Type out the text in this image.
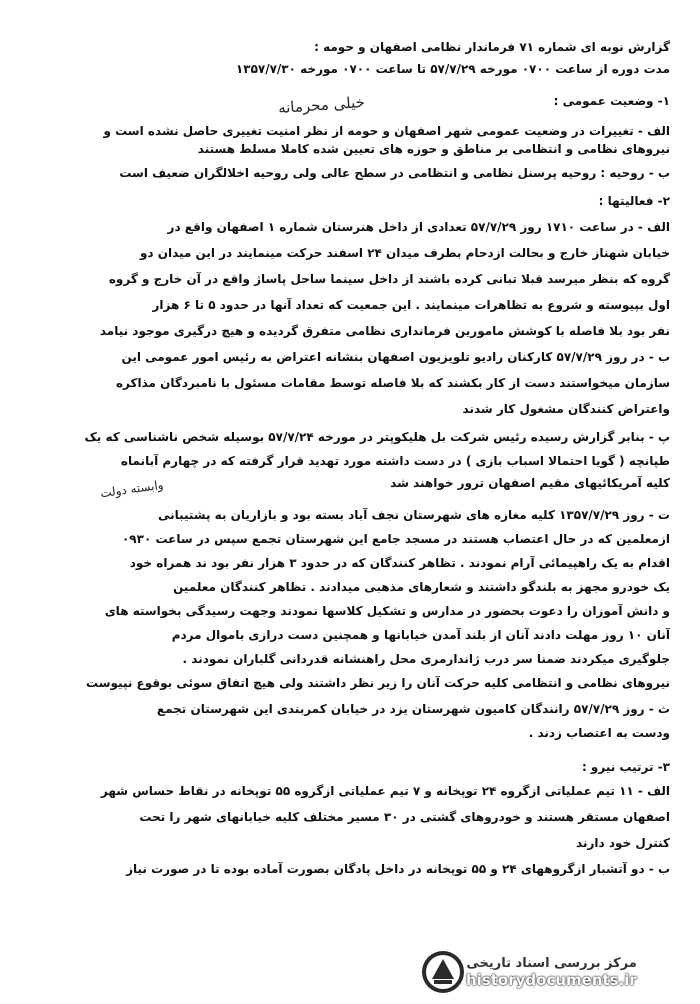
گزارش نوبه ای شماره ۷۱ فرماندار نظامی اصفهان و حومه :

مدت دوره از ساعت ۰۷۰۰ مورخه ۵۷/۷/۲۹ تا ساعت ۰۷۰۰ مورخه ۱۳۵۷/۷/۳۰

۱- وضعیت عمومی :

الف - تغییرات در وضعیت عمومی شهر اصفهان و حومه از نظر امنیت تغییری حاصل نشده است و

نیروهای نظامی و انتظامی بر مناطق و حوزه های تعیین شده کاملا مسلط هستند

ب - روحیه : روحیه پرسنل نظامی و انتظامی در سطح عالی ولی روحیه اخلالگران ضعیف است

۲- فعالیتها :

الف - در ساعت ۱۷۱۰ روز ۵۷/۷/۲۹ تعدادی از داخل هنرستان شماره ۱ اصفهان واقع در

خیابان شهناز خارج و بحالت ازدحام بطرف میدان ۲۴ اسفند حرکت مینمایند در این میدان دو

گروه که بنظر میرسد قبلا تبانی کرده باشند از داخل سینما ساحل پاساژ واقع در آن خارج و گروه

اول بپیوسته و شروع به تظاهرات مینمایند . این جمعیت که تعداد آنها در حدود ۵ تا ۶ هزار

نفر بود بلا فاصله با کوشش مامورین فرمانداری نظامی متفرق گردیده و هیچ درگیری موجود نیامد

ب - در روز ۵۷/۷/۲۹ کارکنان رادیو تلویزیون اصفهان بنشانه اعتراض به رئیس امور عمومی این

سازمان میخواستند دست از کار بکشند که بلا فاصله توسط مقامات مسئول با نامبردگان مذاکره

واعتراض کنندگان مشغول کار شدند

پ - بنابر گزارش رسیده رئیس شرکت بل هلیکوپتر در مورخه ۵۷/۷/۲۴ بوسیله شخص ناشناسی که یک

طپانچه ( گویا احتمالا اسباب بازی ) در دست داشته مورد تهدید قرار گرفته که در چهارم آبانماه

کلیه آمریکائیهای مقیم اصفهان ترور خواهند شد

ت - روز ۱۳۵۷/۷/۲۹ کلیه مغازه های شهرستان نجف آباد بسته بود و بازاریان به پشتیبانی

ازمعلمین که در حال اعتصاب هستند در مسجد جامع این شهرستان تجمع سپس در ساعت ۰۹۳۰

اقدام به یک راهپیمائی آرام نمودند . تظاهر کنندگان که در حدود ۳ هزار نفر بود ند همراه خود

یک خودرو مجهز به بلندگو داشتند و شعارهای مذهبی میدادند . تظاهر کنندگان معلمین

و دانش آموزان را دعوت بحضور در مدارس و تشکیل کلاسها نمودند وجهت رسیدگی بخواسته های

آنان ۱۰ روز مهلت دادند آنان از بلند آمدن خیابانها و همچنین دست درازی باموال مردم

جلوگیری میکردند ضمنا سر درب ژاندارمری محل راهنشانه قدردانی گلباران نمودند .

نیروهای نظامی و انتظامی کلیه حرکت آنان را زیر نظر داشتند ولی هیچ اتفاق سوئی بوقوع نپیوست

ث - روز ۵۷/۷/۲۹ رانندگان کامیون شهرستان یزد در خیابان کمربندی این شهرستان تجمع

ودست به اعتصاب زدند .

۳- ترتیب نیرو :

الف - ۱۱ تیم عملیاتی ازگروه ۲۴ توپخانه و ۷ تیم عملیاتی ازگروه ۵۵ توپخانه در نقاط حساس شهر

اصفهان مستقر هستند و خودروهای گشتی در ۳۰ مسیر مختلف کلیه خیابانهای شهر را تحت

کنترل خود دارند

ب - دو آتشبار ازگروههای ۲۴ و ۵۵ توپخانه در داخل پادگان بصورت آماده بوده تا در صورت نیاز

خیلی محرمانه
وابسته دولت
مرکز بررسی اسناد تاریخی
historydocuments.ir
